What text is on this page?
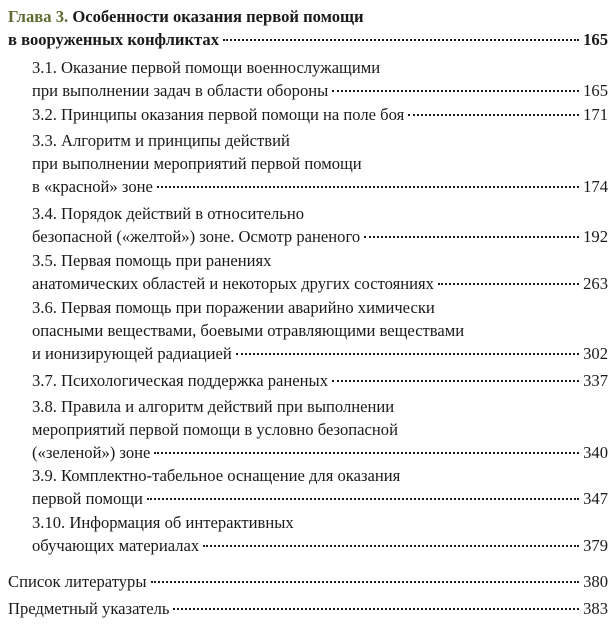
Глава 3. Особенности оказания первой помощи
в вооруженных конфликтах	165
3.1. Оказание первой помощи военнослужащими
при выполнении задач в области обороны	165
3.2. Принципы оказания первой помощи на поле боя	171
3.3. Алгоритм и принципы действий
при выполнении мероприятий первой помощи
в «красной» зоне	174
3.4. Порядок действий в относительно
безопасной («желтой») зоне. Осмотр раненого	192
3.5. Первая помощь при ранениях
анатомических областей и некоторых других состояниях	263
3.6. Первая помощь при поражении аварийно химически
опасными веществами, боевыми отравляющими веществами
и ионизирующей радиацией	302
3.7. Психологическая поддержка раненых	337
3.8. Правила и алгоритм действий при выполнении
мероприятий первой помощи в условно безопасной
(«зеленой») зоне	340
3.9. Комплектно-табельное оснащение для оказания
первой помощи	347
3.10. Информация об интерактивных
обучающих материалах	379
Список литературы	380
Предметный указатель	383
